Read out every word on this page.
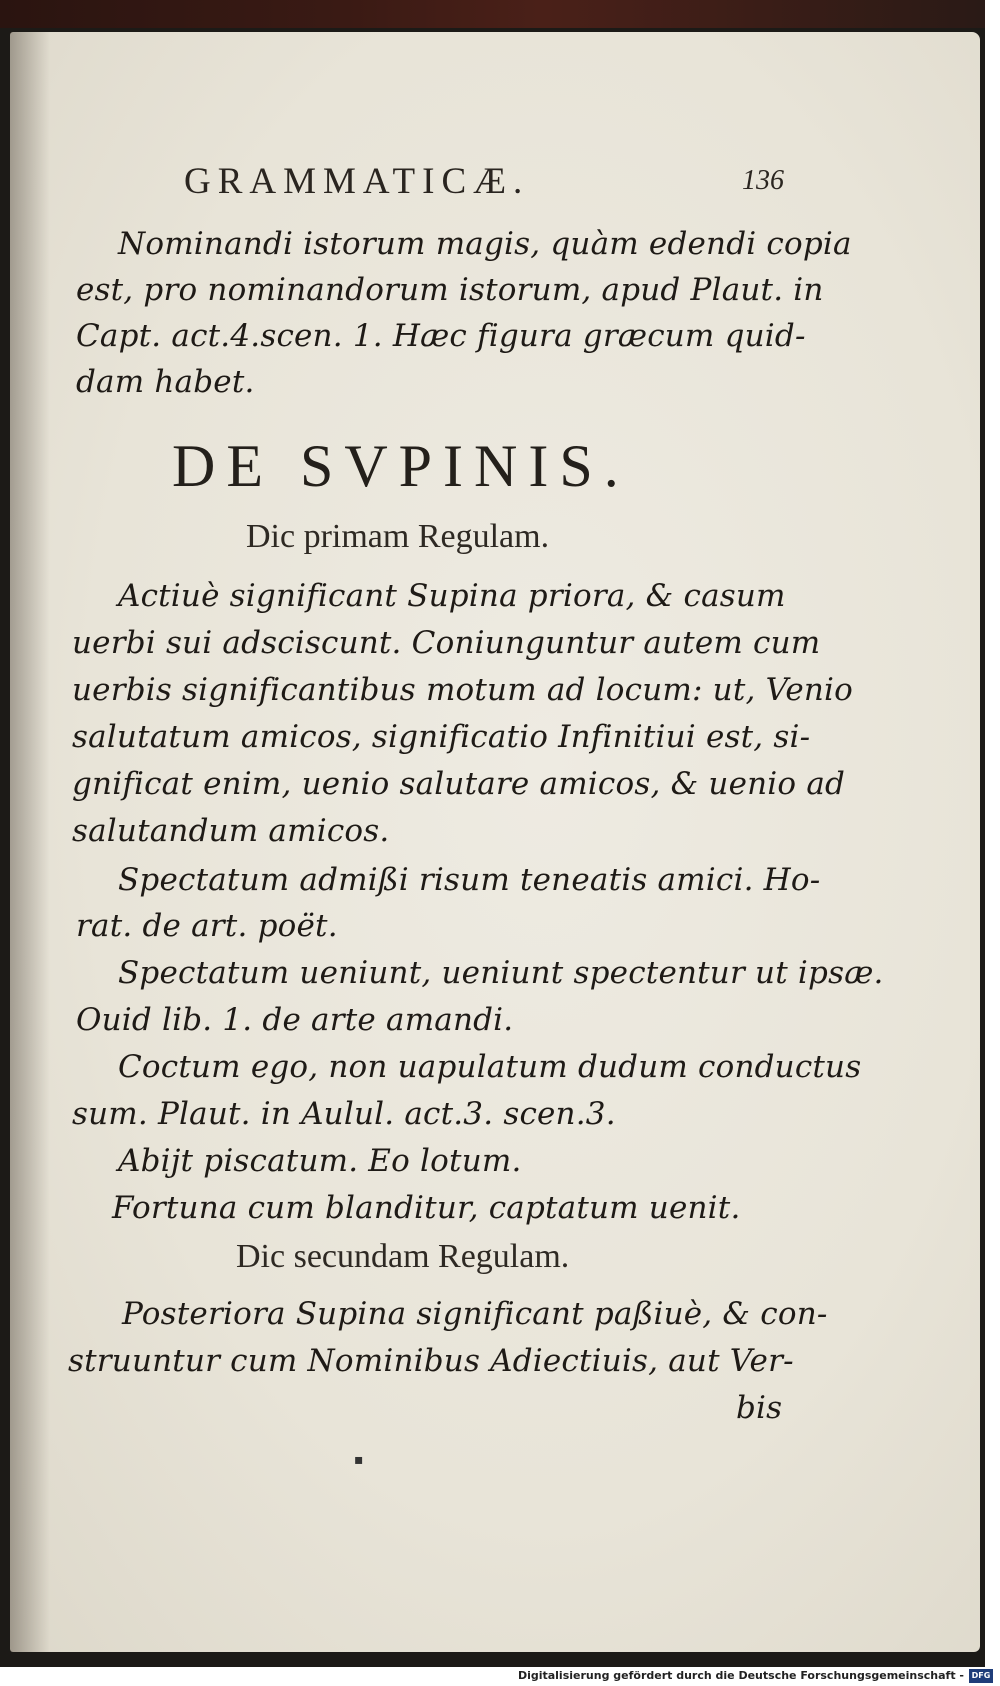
GRAMMATICÆ.	136
Nominandi istorum magis, quàm edendi copia
est, pro nominandorum istorum, apud Plaut. in
Capt. act.4.scen. 1. Hæc figura græcum quid-
dam habet.
DE SVPINIS.
Dic primam Regulam.
Actiuè significant Supina priora, & casum
uerbi sui adsciscunt. Coniunguntur autem cum
uerbis significantibus motum ad locum: ut, Venio
salutatum amicos, significatio Infinitiui est, si-
gnificat enim, uenio salutare amicos, & uenio ad
salutandum amicos.
Spectatum admißi risum teneatis amici. Ho-
rat. de art. poët.
Spectatum ueniunt, ueniunt spectentur ut ipsæ.
Ouid lib. 1. de arte amandi.
Coctum ego, non uapulatum dudum conductus
sum. Plaut. in Aulul. act.3. scen.3.
Abijt piscatum. Eo lotum.
Fortuna cum blanditur, captatum uenit.
Dic secundam Regulam.
Posteriora Supina significant paßiuè, & con-
struuntur cum Nominibus Adiectiuis, aut Ver-
bis
▪
Digitalisierung gefördert durch die Deutsche Forschungsgemeinschaft - DFG
